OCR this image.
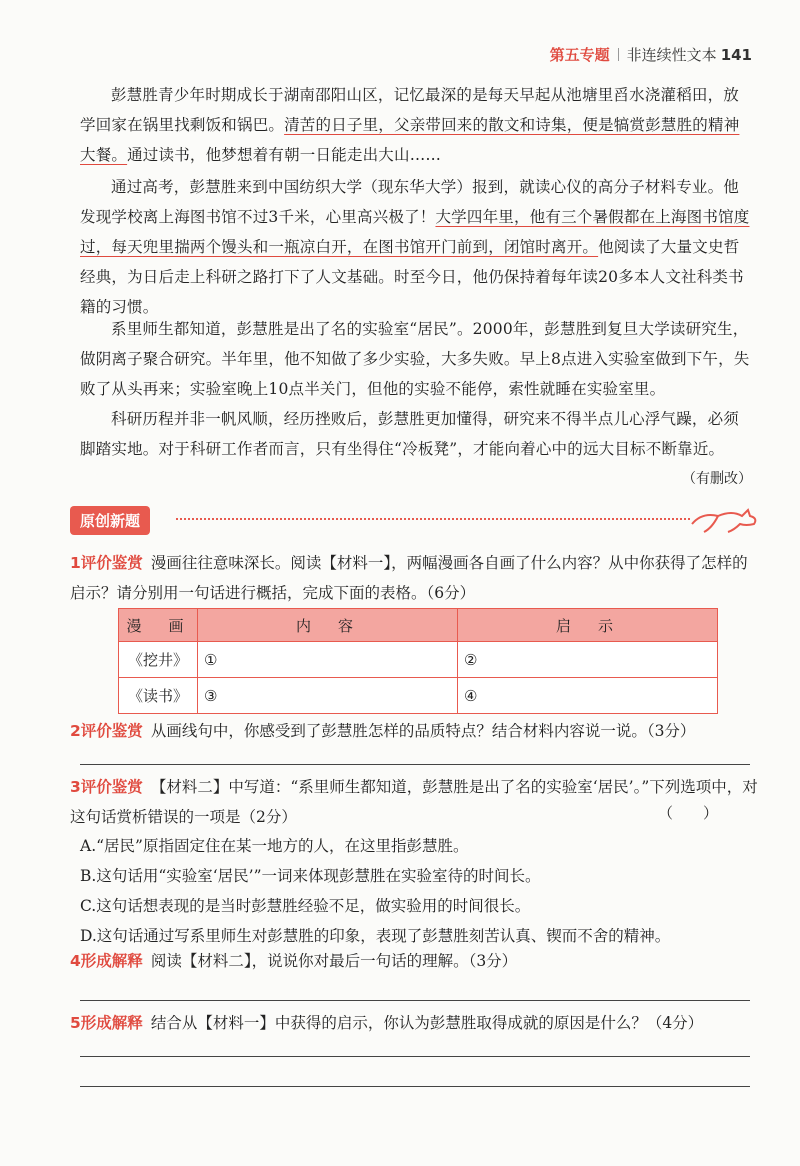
第五专题 非连续性文本 141
彭慧胜青少年时期成长于湖南邵阳山区，记忆最深的是每天早起从池塘里舀水浇灌稻田，放学回家在锅里找剩饭和锅巴。清苦的日子里，父亲带回来的散文和诗集，便是犒赏彭慧胜的精神大餐。通过读书，他梦想着有朝一日能走出大山……
通过高考，彭慧胜来到中国纺织大学（现东华大学）报到，就读心仪的高分子材料专业。他发现学校离上海图书馆不过3千米，心里高兴极了！大学四年里，他有三个暑假都在上海图书馆度过，每天兜里揣两个馒头和一瓶凉白开，在图书馆开门前到，闭馆时离开。他阅读了大量文史哲经典，为日后走上科研之路打下了人文基础。时至今日，他仍保持着每年读20多本人文社科类书籍的习惯。
系里师生都知道，彭慧胜是出了名的实验室“居民”。2000年，彭慧胜到复旦大学读研究生，做阴离子聚合研究。半年里，他不知做了多少实验，大多失败。早上8点进入实验室做到下午，失败了从头再来；实验室晚上10点半关门，但他的实验不能停，索性就睡在实验室里。
科研历程并非一帆风顺，经历挫败后，彭慧胜更加懂得，研究来不得半点儿心浮气躁，必须脚踏实地。对于科研工作者而言，只有坐得住“冷板凳”，才能向着心中的远大目标不断靠近。
（有删改）
原创新题
1评价鉴赏 漫画往往意味深长。阅读【材料一】，两幅漫画各自画了什么内容？从中你获得了怎样的启示？请分别用一句话进行概括，完成下面的表格。（6分）
漫　画	内　容	启　示
《挖井》	①	②
《读书》	③	④
2评价鉴赏 从画线句中，你感受到了彭慧胜怎样的品质特点？结合材料内容说一说。（3分）
3评价鉴赏 【材料二】中写道：“系里师生都知道，彭慧胜是出了名的实验室‘居民’。”下列选项中，对这句话赏析错误的一项是（2分）	（）
A.“居民”原指固定住在某一地方的人，在这里指彭慧胜。
B.这句话用“实验室‘居民’”一词来体现彭慧胜在实验室待的时间长。
C.这句话想表现的是当时彭慧胜经验不足，做实验用的时间很长。
D.这句话通过写系里师生对彭慧胜的印象，表现了彭慧胜刻苦认真、锲而不舍的精神。
4形成解释 阅读【材料二】，说说你对最后一句话的理解。（3分）
5形成解释 结合从【材料一】中获得的启示，你认为彭慧胜取得成就的原因是什么？（4分）
